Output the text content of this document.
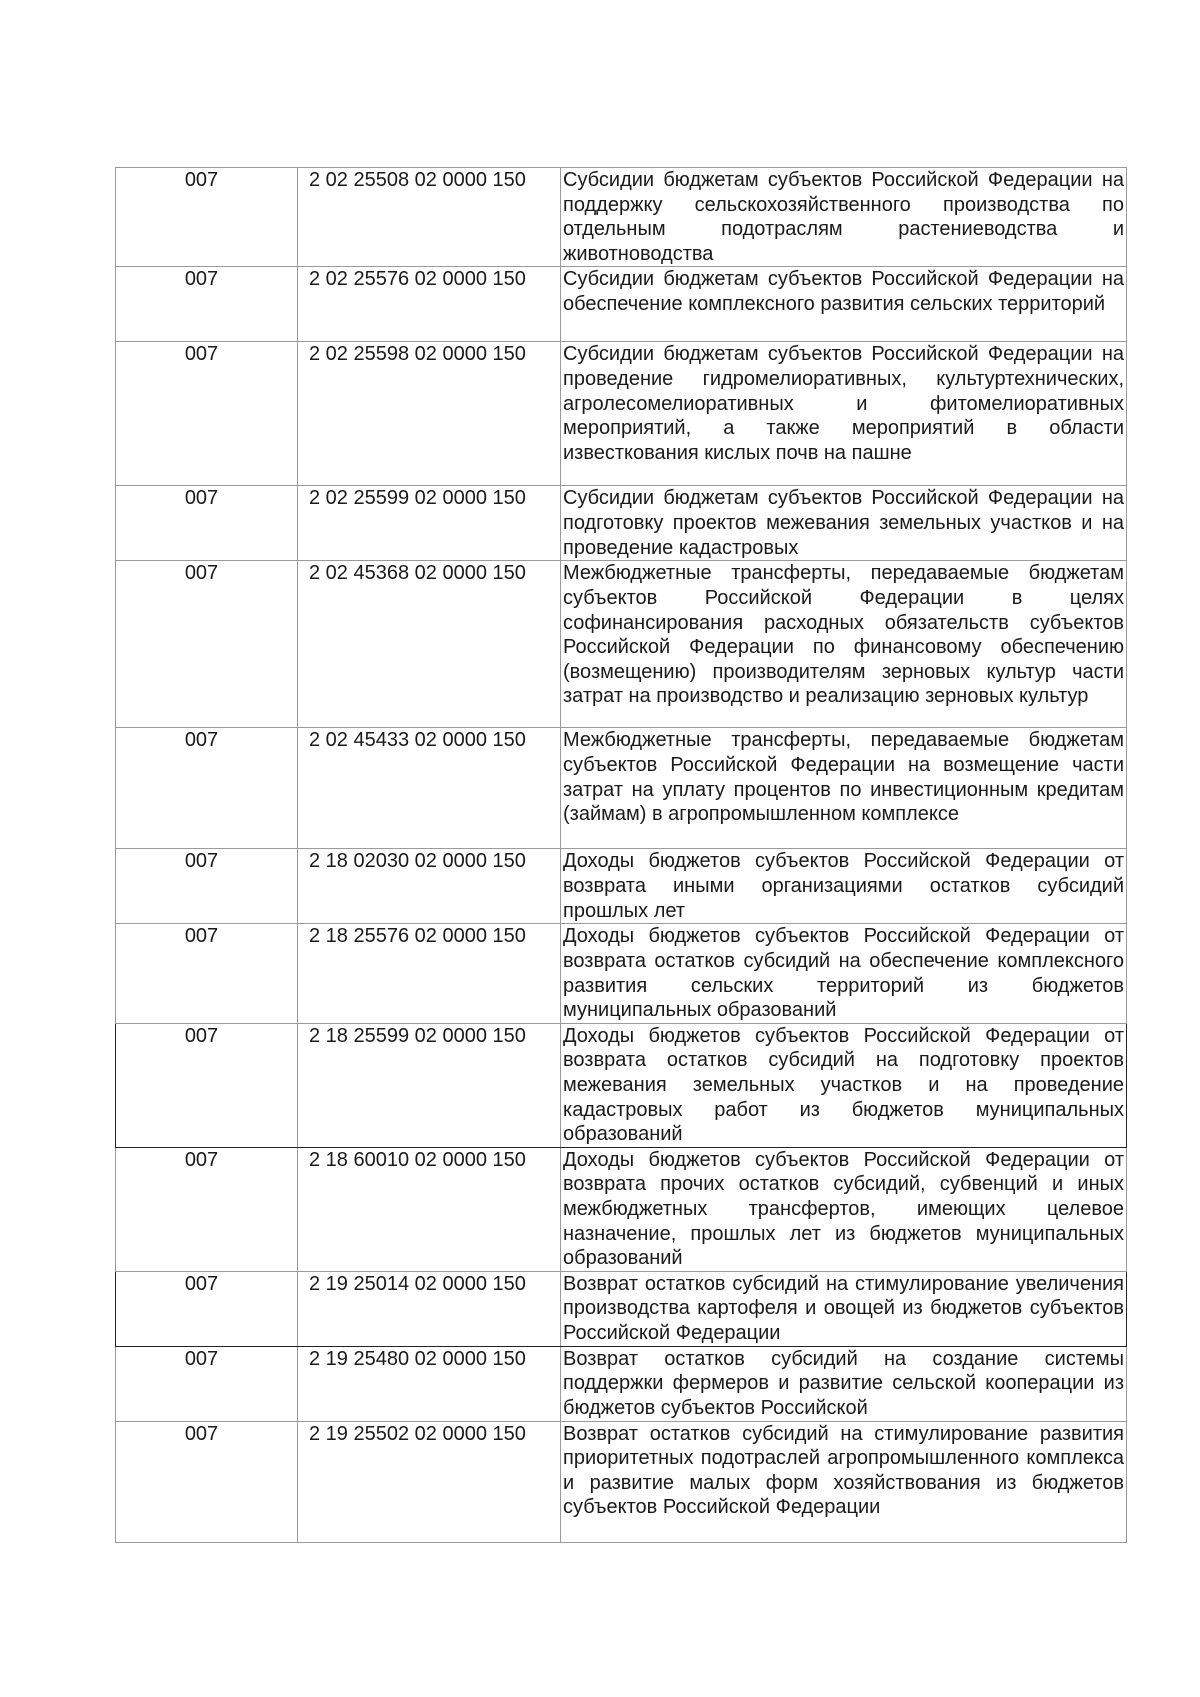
007	2 02 25508 02 0000 150	Субсидии бюджетам субъектов Российской Федерации на поддержку сельскохозяйственного производства по отдельным подотраслям растениеводства и животноводства
007	2 02 25576 02 0000 150	Субсидии бюджетам субъектов Российской Федерации на обеспечение комплексного развития сельских территорий
007	2 02 25598 02 0000 150	Субсидии бюджетам субъектов Российской Федерации на проведение гидромелиоративных, культуртехнических, агролесомелиоративных и фитомелиоративных мероприятий, а также мероприятий в области известкования кислых почв на пашне
007	2 02 25599 02 0000 150	Субсидии бюджетам субъектов Российской Федерации на подготовку проектов межевания земельных участков и на проведение кадастровых
007	2 02 45368 02 0000 150	Межбюджетные трансферты, передаваемые бюджетам субъектов Российской Федерации в целях софинансирования расходных обязательств субъектов Российской Федерации по финансовому обеспечению (возмещению) производителям зерновых культур части затрат на производство и реализацию зерновых культур
007	2 02 45433 02 0000 150	Межбюджетные трансферты, передаваемые бюджетам субъектов Российской Федерации на возмещение части затрат на уплату процентов по инвестиционным кредитам (займам) в агропромышленном комплексе
007	2 18 02030 02 0000 150	Доходы бюджетов субъектов Российской Федерации от возврата иными организациями остатков субсидий прошлых лет
007	2 18 25576 02 0000 150	Доходы бюджетов субъектов Российской Федерации от возврата остатков субсидий на обеспечение комплексного развития сельских территорий из бюджетов муниципальных образований
007	2 18 25599 02 0000 150	Доходы бюджетов субъектов Российской Федерации от возврата остатков субсидий на подготовку проектов межевания земельных участков и на проведение кадастровых работ из бюджетов муниципальных образований
007	2 18 60010 02 0000 150	Доходы бюджетов субъектов Российской Федерации от возврата прочих остатков субсидий, субвенций и иных межбюджетных трансфертов, имеющих целевое назначение, прошлых лет из бюджетов муниципальных образований
007	2 19 25014 02 0000 150	Возврат остатков субсидий на стимулирование увеличения производства картофеля и овощей из бюджетов субъектов Российской Федерации
007	2 19 25480 02 0000 150	Возврат остатков субсидий на создание системы поддержки фермеров и развитие сельской кооперации из бюджетов субъектов Российской
007	2 19 25502 02 0000 150	Возврат остатков субсидий на стимулирование развития приоритетных подотраслей агропромышленного комплекса и развитие малых форм хозяйствования из бюджетов субъектов Российской Федерации
